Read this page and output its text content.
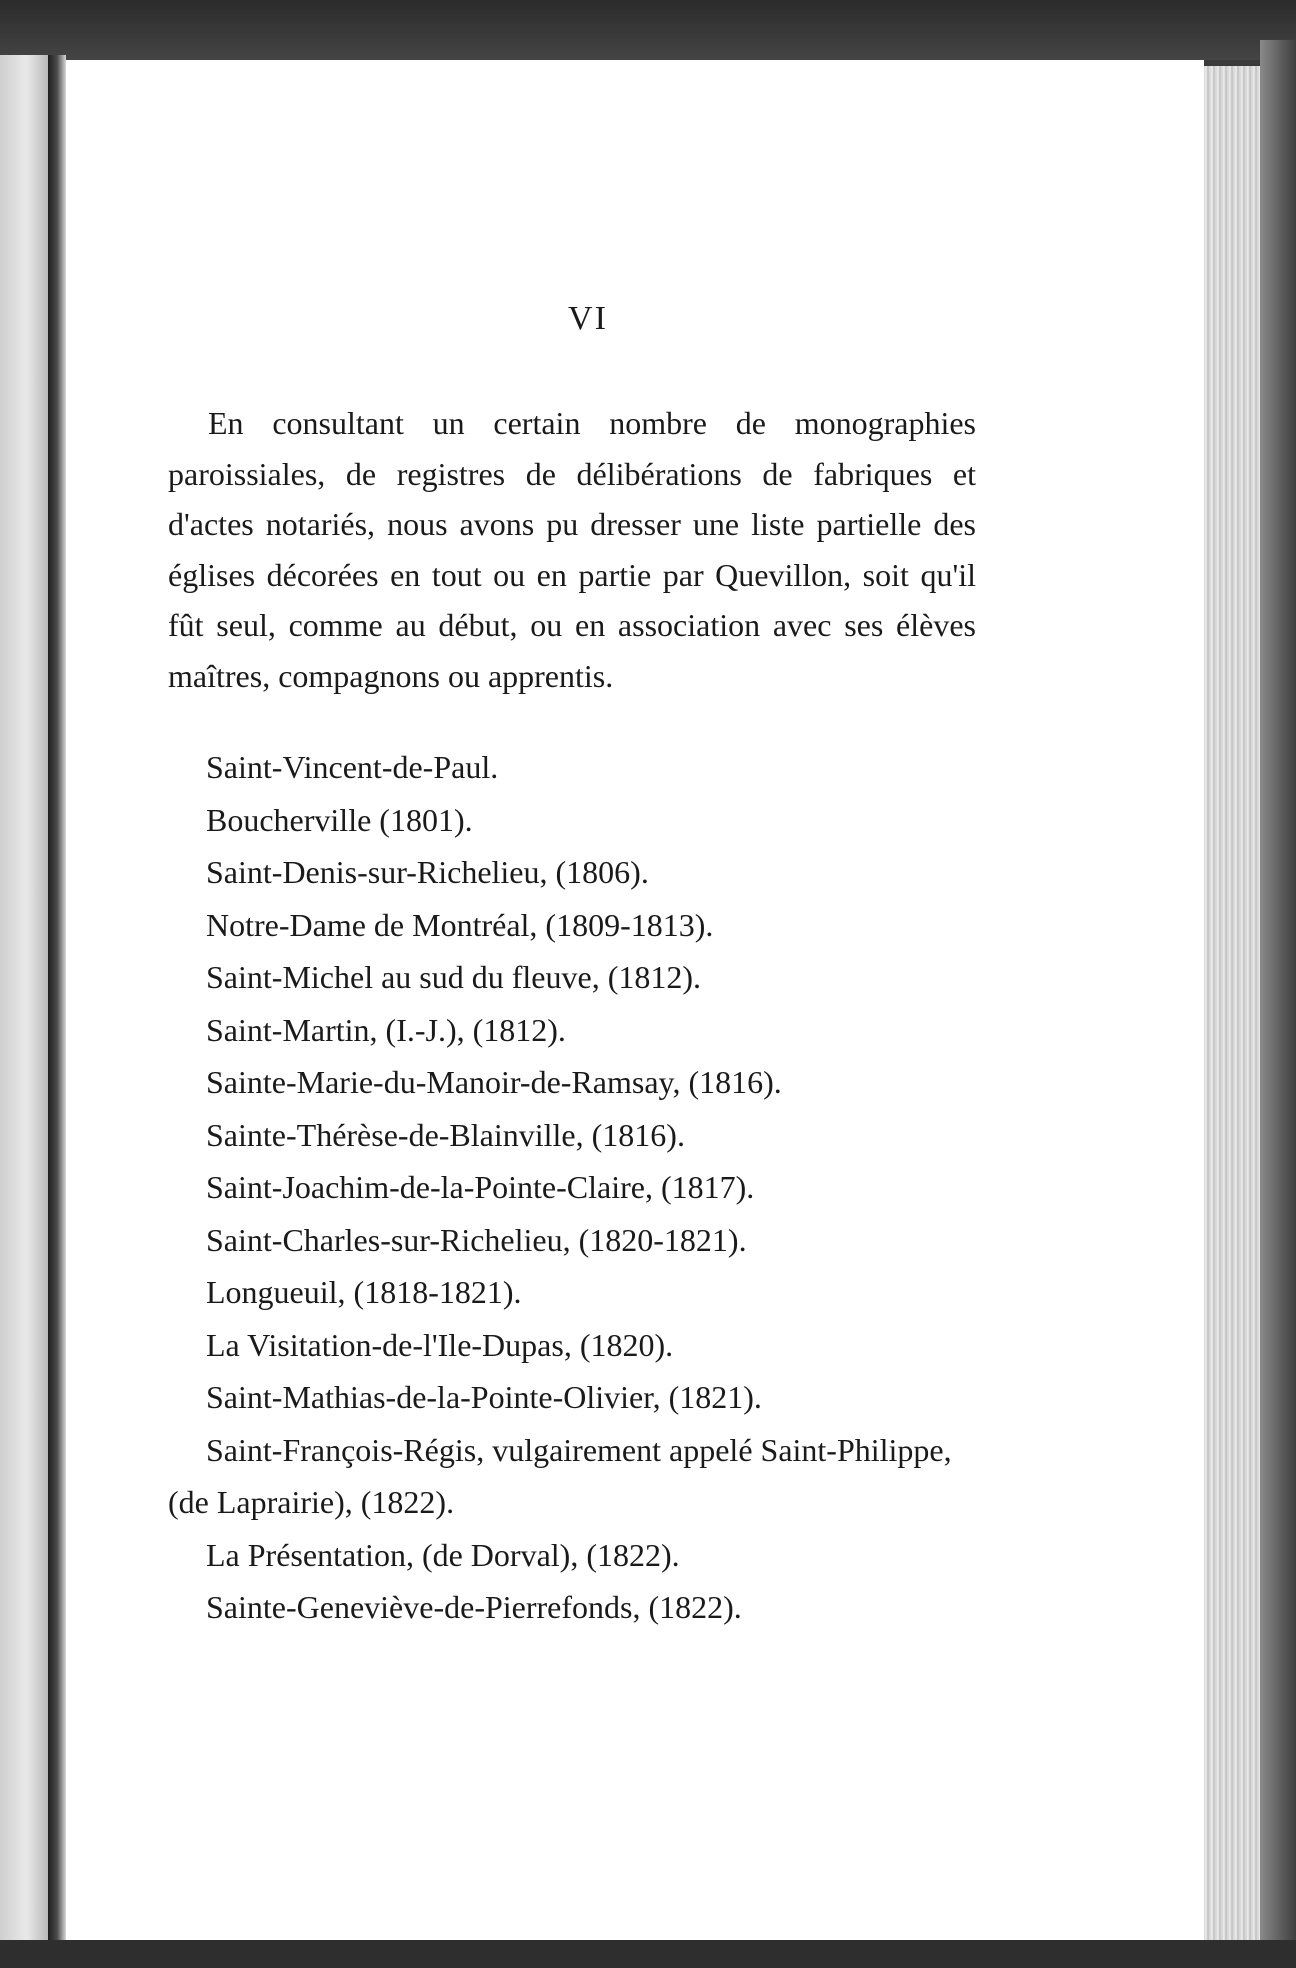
VI

En consultant un certain nombre de monographies paroissiales, de registres de délibérations de fabriques et d'actes notariés, nous avons pu dresser une liste partielle des églises décorées en tout ou en partie par Quevillon, soit qu'il fût seul, comme au début, ou en association avec ses élèves maîtres, compagnons ou apprentis.

Saint-Vincent-de-Paul.
Boucherville (1801).
Saint-Denis-sur-Richelieu, (1806).
Notre-Dame de Montréal, (1809-1813).
Saint-Michel au sud du fleuve, (1812).
Saint-Martin, (I.-J.), (1812).
Sainte-Marie-du-Manoir-de-Ramsay, (1816).
Sainte-Thérèse-de-Blainville, (1816).
Saint-Joachim-de-la-Pointe-Claire, (1817).
Saint-Charles-sur-Richelieu, (1820-1821).
Longueuil, (1818-1821).
La Visitation-de-l'Ile-Dupas, (1820).
Saint-Mathias-de-la-Pointe-Olivier, (1821).
Saint-François-Régis, vulgairement appelé Saint-Philippe, (de Laprairie), (1822).
La Présentation, (de Dorval), (1822).
Sainte-Geneviève-de-Pierrefonds, (1822).
